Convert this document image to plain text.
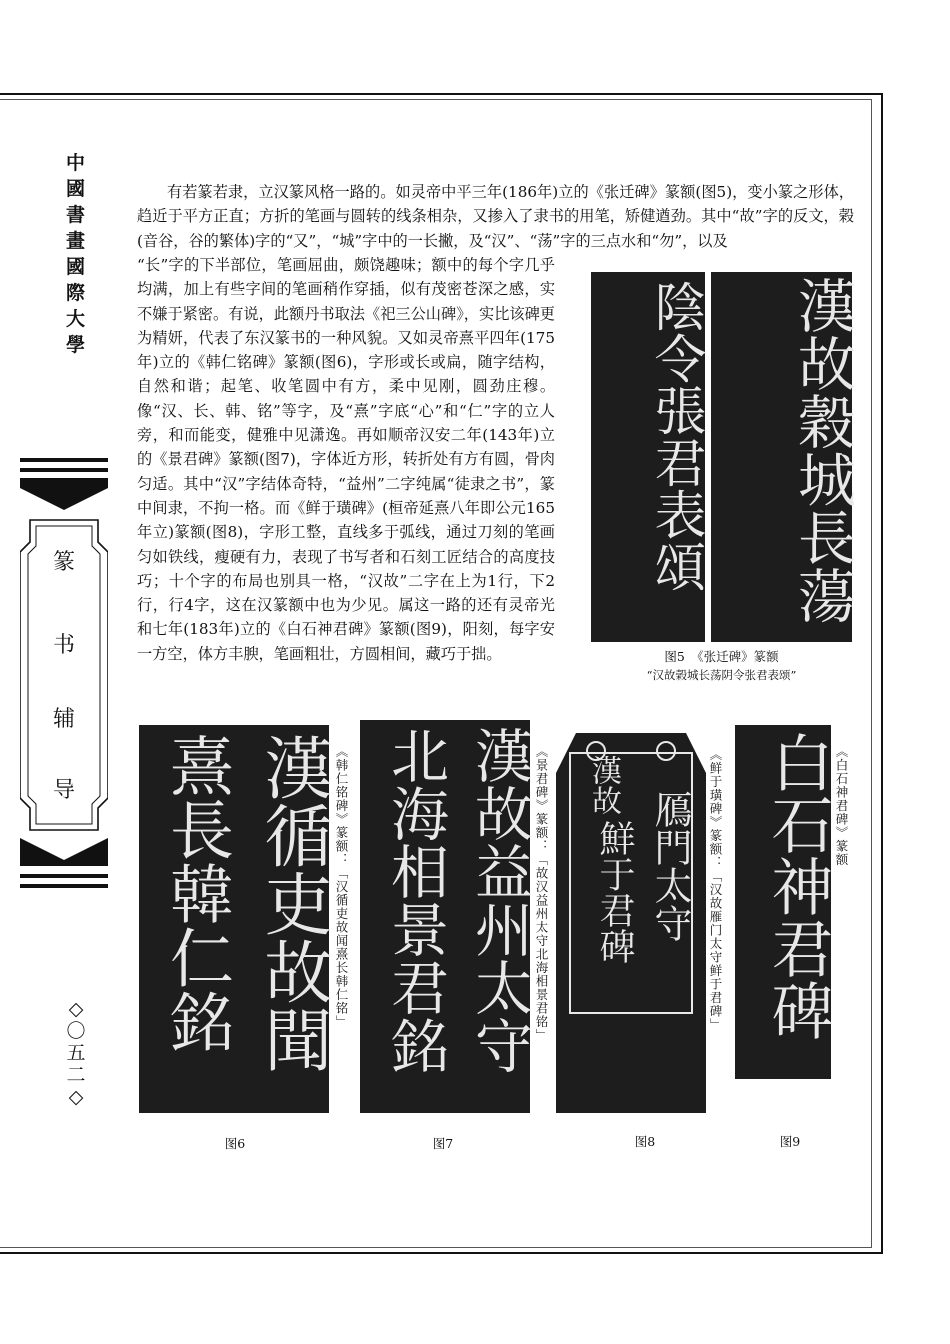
中國書畫國際大學
篆
书
辅
导
◇〇五二◇

有若篆若隶，立汉篆风格一路的。如灵帝中平三年(186年)立的《张迁碑》篆额(图5)，变小篆之形体，趋近于平方正直；方折的笔画与圆转的线条相杂，又掺入了隶书的用笔，矫健遒劲。其中“故”字的反文，榖(音谷，谷的繁体)字的“又”，“城”字中的一长撇，及“汉”、“荡”字的三点水和“勿”，以及

“长”字的下半部位，笔画屈曲，颇饶趣味；额中的每个字几乎均满，加上有些字间的笔画稍作穿插，似有茂密苍深之感，实不嫌于紧密。有说，此额丹书取法《祀三公山碑》，实比该碑更为精妍，代表了东汉篆书的一种风貌。又如灵帝熹平四年(175年)立的《韩仁铭碑》篆额(图6)，字形或长或扁，随字结构，自然和谐；起笔、收笔圆中有方，柔中见刚，圆劲庄穆。像“汉、长、韩、铭”等字，及“熹”字底“心”和“仁”字的立人旁，和而能变，健雅中见潇逸。再如顺帝汉安二年(143年)立的《景君碑》篆额(图7)，字体近方形，转折处有方有圆，骨肉匀适。其中“汉”字结体奇特，“益州”二字纯属“徒隶之书”，篆中间隶，不拘一格。而《鲜于璜碑》(桓帝延熹八年即公元165年立)篆额(图8)，字形工整，直线多于弧线，通过刀刻的笔画匀如铁线，瘦硬有力，表现了书写者和石刻工匠结合的高度技巧；十个字的布局也别具一格，“汉故”二字在上为1行，下2行，行4字，这在汉篆额中也为少见。属这一路的还有灵帝光和七年(183年)立的《白石神君碑》篆额(图9)，阳刻，每字安一方空，体方丰腴，笔画粗壮，方圆相间，藏巧于拙。

陰令張君表頌	漢故穀城長蕩
图5　《张迁碑》篆额
“汉故榖城长荡阴令张君表颂”
漢循吏故聞
熹長韓仁銘	《韩仁铭碑》篆额：「汉循吏故闻熹长韩仁铭」
图6
漢故益州太守
北海相景君銘	《景君碑》篆额：「故汉益州太守北海相景君铭」
图7
漢故
鴈門太守
鮮于君碑	《鲜于璜碑》篆额：「汉故雁门太守鲜于君碑」
图8
白石神君碑 《白石神君碑》篆额
图9
